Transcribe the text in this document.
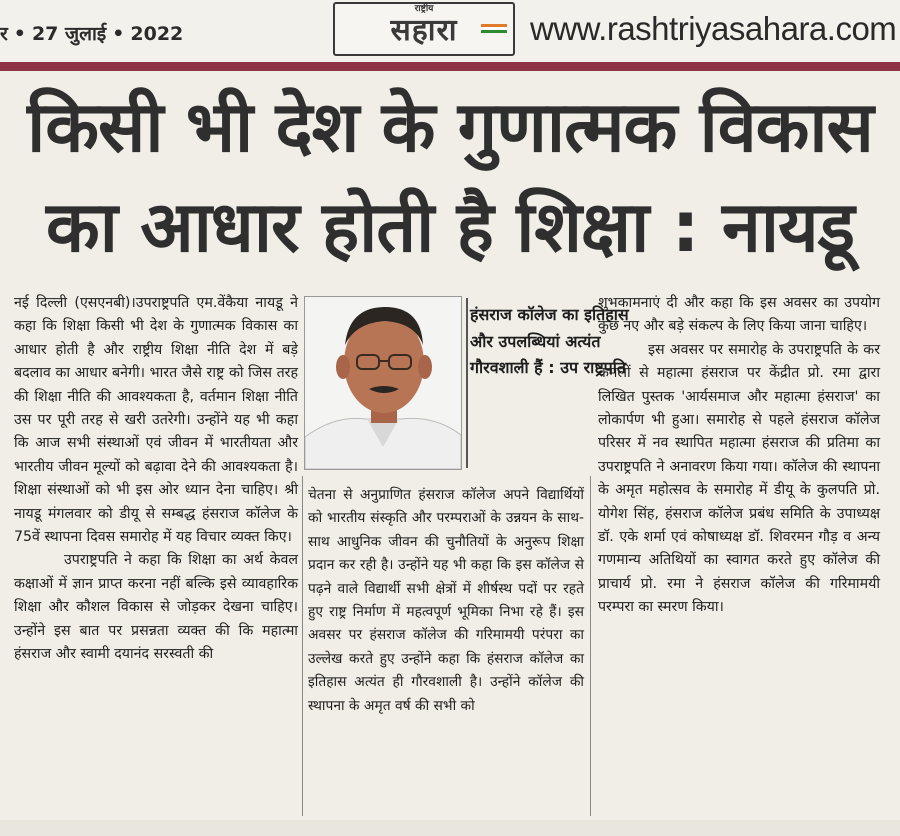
र • 27 जुलाई • 2022
राष्ट्रीय
सहारा	www.rashtriyasahara.com
किसी भी देश के गुणात्मक विकास
का आधार होती है शिक्षा : नायडू

नई दिल्ली (एसएनबी)।उपराष्ट्रपति एम.वेंकैया नायडू ने कहा कि शिक्षा किसी भी देश के गुणात्मक विकास का आधार होती है और राष्ट्रीय शिक्षा नीति देश में बड़े बदलाव का आधार बनेगी। भारत जैसे राष्ट्र को जिस तरह की शिक्षा नीति की आवश्यकता है, वर्तमान शिक्षा नीति उस पर पूरी तरह से खरी उतरेगी। उन्होंने यह भी कहा कि आज सभी संस्थाओं एवं जीवन में भारतीयता और भारतीय जीवन मूल्यों को बढ़ावा देने की आवश्यकता है। शिक्षा संस्थाओं को भी इस ओर ध्यान देना चाहिए। श्री नायडू मंगलवार को डीयू से सम्बद्ध हंसराज कॉलेज के 75वें स्थापना दिवस समारोह में यह विचार व्यक्त किए।

उपराष्ट्रपति ने कहा कि शिक्षा का अर्थ केवल कक्षाओं में ज्ञान प्राप्त करना नहीं बल्कि इसे व्यावहारिक शिक्षा और कौशल विकास से जोड़कर देखना चाहिए। उन्होंने इस बात पर प्रसन्नता व्यक्त की कि महात्मा हंसराज और स्वामी दयानंद सरस्वती की

हंसराज कॉलेज का इतिहास और उपलब्धियां अत्यंत गौरवशाली हैं : उप राष्ट्रपति

चेतना से अनुप्राणित हंसराज कॉलेज अपने विद्यार्थियों को भारतीय संस्कृति और परम्पराओं के उन्नयन के साथ-साथ आधुनिक जीवन की चुनौतियों के अनुरूप शिक्षा प्रदान कर रही है। उन्होंने यह भी कहा कि इस कॉलेज से पढ़ने वाले विद्यार्थी सभी क्षेत्रों में शीर्षस्थ पदों पर रहते हुए राष्ट्र निर्माण में महत्वपूर्ण भूमिका निभा रहे हैं। इस अवसर पर हंसराज कॉलेज की गरिमामयी परंपरा का उल्लेख करते हुए उन्होंने कहा कि हंसराज कॉलेज का इतिहास अत्यंत ही गौरवशाली है। उन्होंने कॉलेज की स्थापना के अमृत वर्ष की सभी को

शुभकामनाएं दी और कहा कि इस अवसर का उपयोग कुछ नए और बड़े संकल्प के लिए किया जाना चाहिए।

इस अवसर पर समारोह के उपराष्ट्रपति के कर कमलों से महात्मा हंसराज पर केंद्रीत प्रो. रमा द्वारा लिखित पुस्तक 'आर्यसमाज और महात्मा हंसराज' का लोकार्पण भी हुआ। समारोह से पहले हंसराज कॉलेज परिसर में नव स्थापित महात्मा हंसराज की प्रतिमा का उपराष्ट्रपति ने अनावरण किया गया। कॉलेज की स्थापना के अमृत महोत्सव के समारोह में डीयू के कुलपति प्रो. योगेश सिंह, हंसराज कॉलेज प्रबंध समिति के उपाध्यक्ष डॉ. एके शर्मा एवं कोषाध्यक्ष डॉ. शिवरमन गौड़ व अन्य गणमान्य अतिथियों का स्वागत करते हुए कॉलेज की प्राचार्य प्रो. रमा ने हंसराज कॉलेज की गरिमामयी परम्परा का स्मरण किया।
